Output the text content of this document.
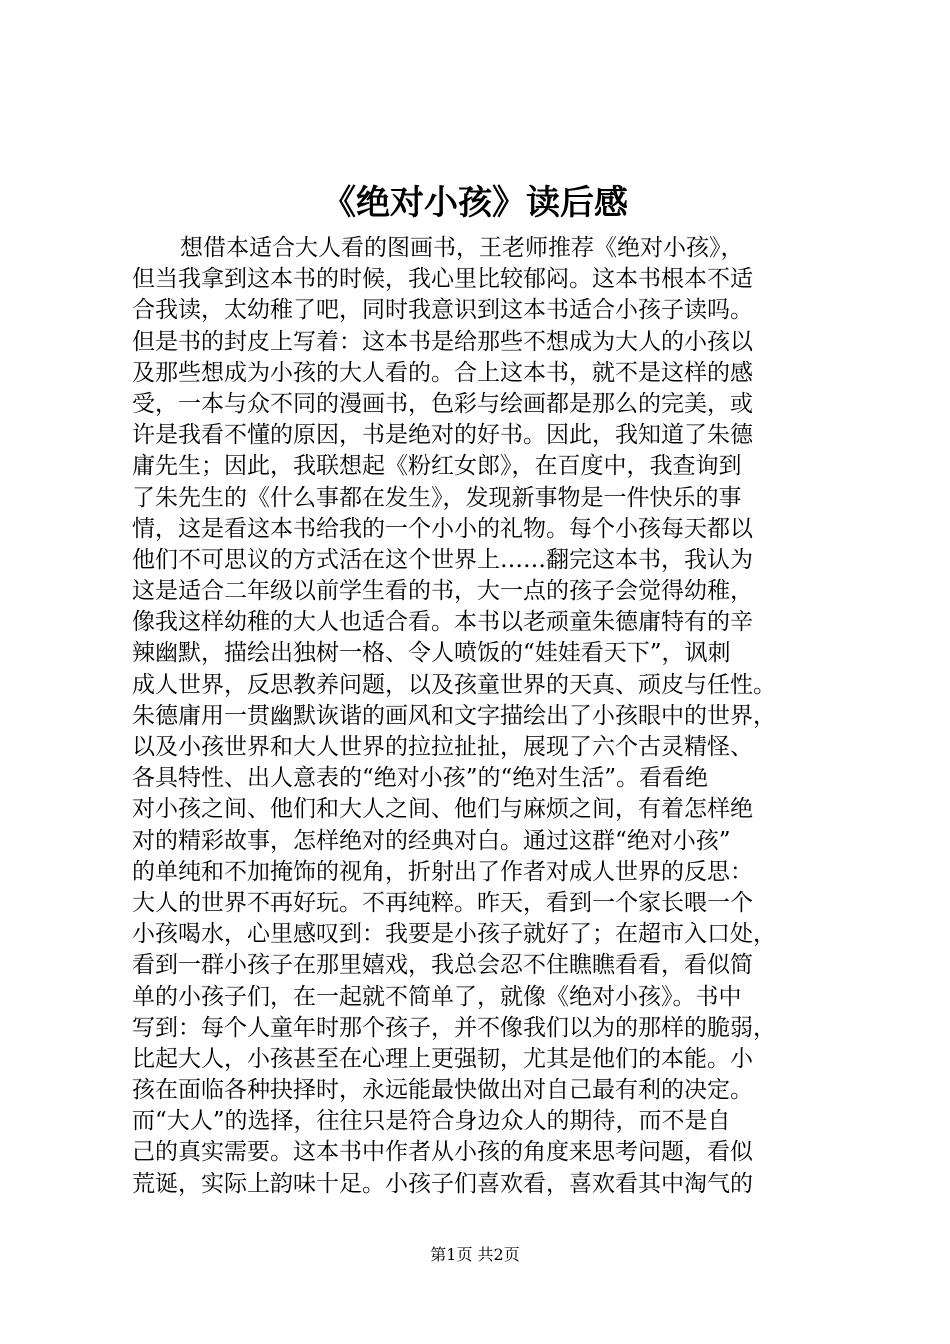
《绝对小孩》读后感
想借本适合大人看的图画书，王老师推荐《绝对小孩》，
但当我拿到这本书的时候，我心里比较郁闷。这本书根本不适
合我读，太幼稚了吧，同时我意识到这本书适合小孩子读吗。
但是书的封皮上写着：这本书是给那些不想成为大人的小孩以
及那些想成为小孩的大人看的。合上这本书，就不是这样的感
受，一本与众不同的漫画书，色彩与绘画都是那么的完美，或
许是我看不懂的原因，书是绝对的好书。因此，我知道了朱德
庸先生；因此，我联想起《粉红女郎》，在百度中，我查询到
了朱先生的《什么事都在发生》，发现新事物是一件快乐的事
情，这是看这本书给我的一个小小的礼物。每个小孩每天都以
他们不可思议的方式活在这个世界上……翻完这本书，我认为
这是适合二年级以前学生看的书，大一点的孩子会觉得幼稚，
像我这样幼稚的大人也适合看。本书以老顽童朱德庸特有的辛
辣幽默，描绘出独树一格、令人喷饭的“娃娃看天下”，讽刺
成人世界，反思教养问题，以及孩童世界的天真、顽皮与任性。
朱德庸用一贯幽默诙谐的画风和文字描绘出了小孩眼中的世界，
以及小孩世界和大人世界的拉拉扯扯，展现了六个古灵精怪、
各具特性、出人意表的“绝对小孩”的“绝对生活”。看看绝
对小孩之间、他们和大人之间、他们与麻烦之间，有着怎样绝
对的精彩故事，怎样绝对的经典对白。通过这群“绝对小孩”
的单纯和不加掩饰的视角，折射出了作者对成人世界的反思：
大人的世界不再好玩。不再纯粹。昨天，看到一个家长喂一个
小孩喝水，心里感叹到：我要是小孩子就好了；在超市入口处，
看到一群小孩子在那里嬉戏，我总会忍不住瞧瞧看看，看似简
单的小孩子们，在一起就不简单了，就像《绝对小孩》。书中
写到：每个人童年时那个孩子，并不像我们以为的那样的脆弱，
比起大人，小孩甚至在心理上更强韧，尤其是他们的本能。小
孩在面临各种抉择时，永远能最快做出对自己最有利的决定。
而“大人”的选择，往往只是符合身边众人的期待，而不是自
己的真实需要。这本书中作者从小孩的角度来思考问题，看似
荒诞，实际上韵味十足。小孩子们喜欢看，喜欢看其中淘气的
第1页 共2页
